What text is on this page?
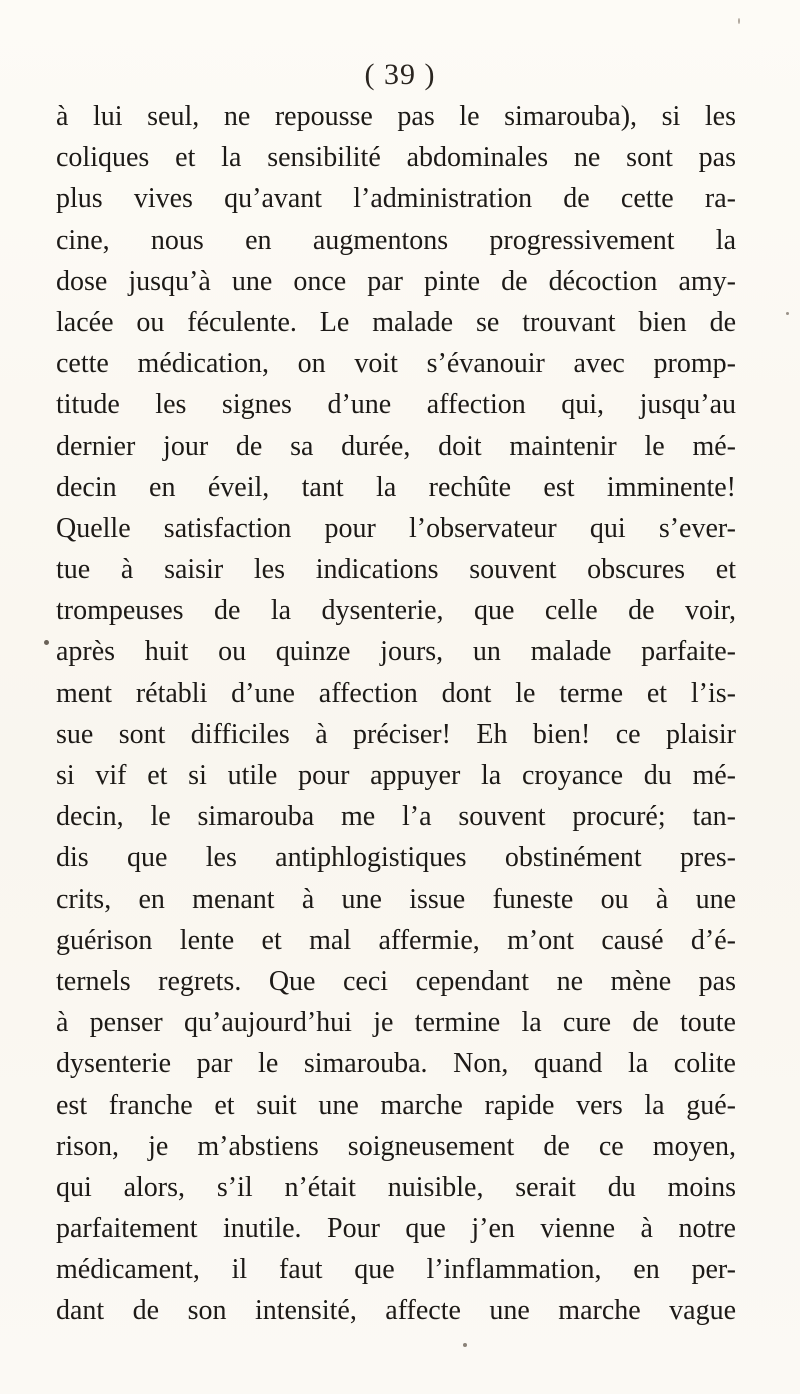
( 39 )
à lui seul, ne repousse pas le simarouba), si les
coliques et la sensibilité abdominales ne sont pas
plus vives qu’avant l’administration de cette ra-
cine, nous en augmentons progressivement la
dose jusqu’à une once par pinte de décoction amy-
lacée ou féculente. Le malade se trouvant bien de
cette médication, on voit s’évanouir avec promp-
titude les signes d’une affection qui, jusqu’au
dernier jour de sa durée, doit maintenir le mé-
decin en éveil, tant la rechûte est imminente!
Quelle satisfaction pour l’observateur qui s’ever-
tue à saisir les indications souvent obscures et
trompeuses de la dysenterie, que celle de voir,
après huit ou quinze jours, un malade parfaite-
ment rétabli d’une affection dont le terme et l’is-
sue sont difficiles à préciser! Eh bien! ce plaisir
si vif et si utile pour appuyer la croyance du mé-
decin, le simarouba me l’a souvent procuré; tan-
dis que les antiphlogistiques obstinément pres-
crits, en menant à une issue funeste ou à une
guérison lente et mal affermie, m’ont causé d’é-
ternels regrets. Que ceci cependant ne mène pas
à penser qu’aujourd’hui je termine la cure de toute
dysenterie par le simarouba. Non, quand la colite
est franche et suit une marche rapide vers la gué-
rison, je m’abstiens soigneusement de ce moyen,
qui alors, s’il n’était nuisible, serait du moins
parfaitement inutile. Pour que j’en vienne à notre
médicament, il faut que l’inflammation, en per-
dant de son intensité, affecte une marche vague
